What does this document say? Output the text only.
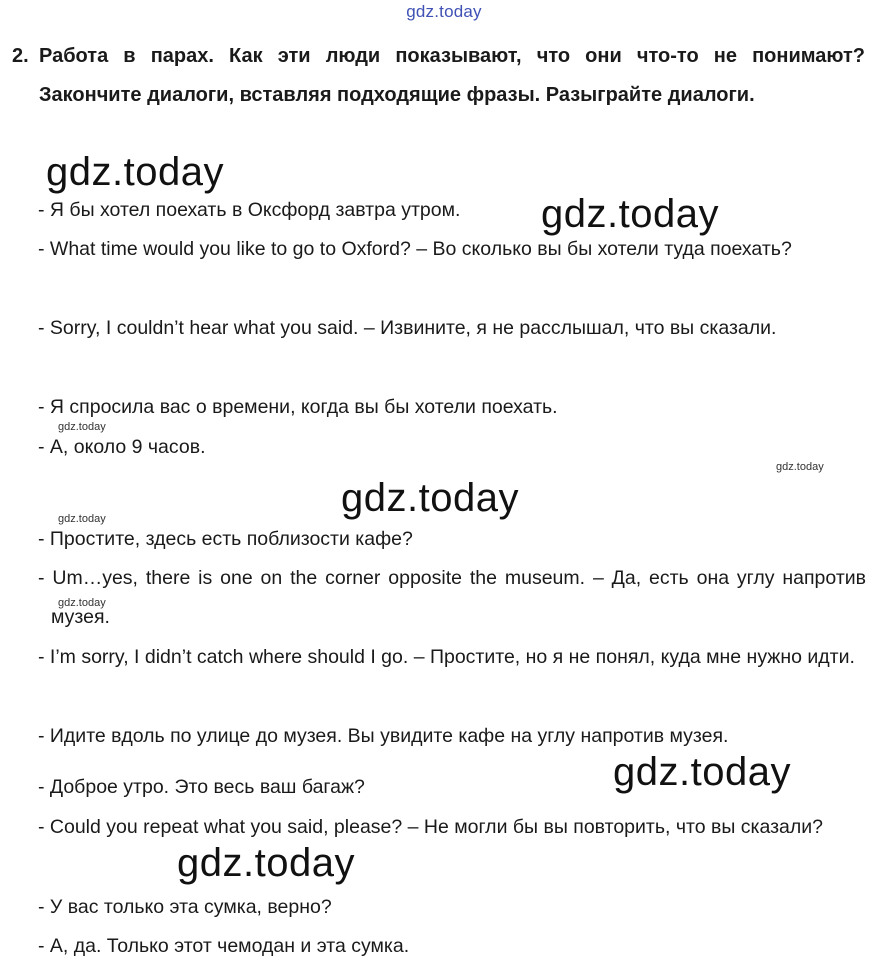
gdz.today
2. Работа в парах. Как эти люди показывают, что они что-то не понимают? Закончите диалоги, вставляя подходящие фразы. Разыграйте диалоги.
gdz.today
- Я бы хотел поехать в Оксфорд завтра утром.	gdz.today
- What time would you like to go to Oxford? – Во сколько вы бы хотели туда поехать?
- Sorry, I couldn’t hear what you said. – Извините, я не расслышал, что вы сказали.
- Я спросила вас о времени, когда вы бы хотели поехать.
gdz.today
- А, около 9 часов.
gdz.today
gdz.today
gdz.today
- Простите, здесь есть поблизости кафе?
- Um…yes, there is one on the corner opposite the museum. – Да, есть она углу напротив музея.
gdz.today
- I’m sorry, I didn’t catch where should I go. – Простите, но я не понял, куда мне нужно идти.
- Идите вдоль по улице до музея. Вы увидите кафе на углу напротив музея.
gdz.today
- Доброе утро. Это весь ваш багаж?
- Could you repeat what you said, please? – Не могли бы вы повторить, что вы сказали?
gdz.today
- У вас только эта сумка, верно?
- А, да. Только этот чемодан и эта сумка.
